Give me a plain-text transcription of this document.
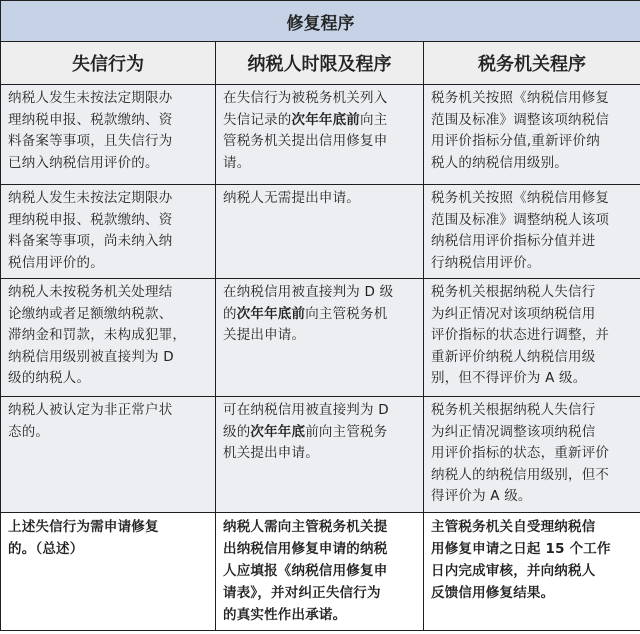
修复程序		
失信行为	纳税人时限及程序	税务机关程序

纳税人发生未按法定期限办
理纳税申报、税款缴纳、资
料备案等事项，且失信行为
已纳入纳税信用评价的。	在失信行为被税务机关列入
失信记录的次年年底前向主
管税务机关提出信用修复申
请。	税务机关按照《纳税信用修复
范围及标准》调整该项纳税信
用评价指标分值,重新评价纳
税人的纳税信用级别。

纳税人发生未按法定期限办
理纳税申报、税款缴纳、资
料备案等事项，尚未纳入纳
税信用评价的。	纳税人无需提出申请。	税务机关按照《纳税信用修复
范围及标准》调整纳税人该项
纳税信用评价指标分值并进
行纳税信用评价。

纳税人未按税务机关处理结
论缴纳或者足额缴纳税款、
滞纳金和罚款，未构成犯罪，
纳税信用级别被直接判为 D
级的纳税人。	在纳税信用被直接判为 D 级
的次年年底前向主管税务机
关提出申请。	税务机关根据纳税人失信行
为纠正情况对该项纳税信用
评价指标的状态进行调整，并
重新评价纳税人纳税信用级
别，但不得评价为 A 级。

纳税人被认定为非正常户状
态的。	可在纳税信用被直接判为 D
级的次年年底前向主管税务
机关提出申请。	税务机关根据纳税人失信行
为纠正情况调整该项纳税信
用评价指标的状态，重新评价
纳税人的纳税信用级别，但不
得评价为 A 级。

上述失信行为需申请修复
的。（总述）	纳税人需向主管税务机关提
出纳税信用修复申请的纳税
人应填报《纳税信用修复申
请表》，并对纠正失信行为
的真实性作出承诺。	主管税务机关自受理纳税信
用修复申请之日起 15 个工作
日内完成审核，并向纳税人
反馈信用修复结果。
